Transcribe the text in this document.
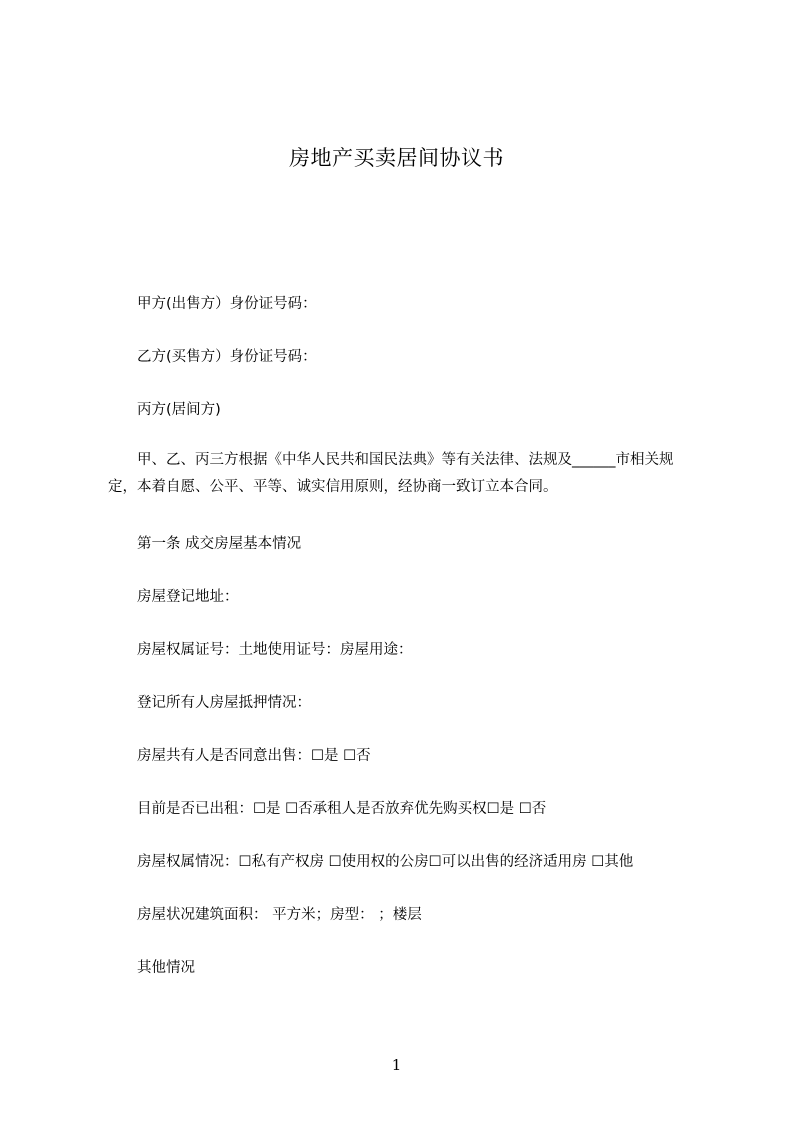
房地产买卖居间协议书
甲方(出售方）身份证号码：
乙方(买售方）身份证号码：
丙方(居间方)
甲、乙、丙三方根据《中华人民共和国民法典》等有关法律、法规及______市相关规定，本着自愿、公平、平等、诚实信用原则，经协商一致订立本合同。
第一条 成交房屋基本情况
房屋登记地址：
房屋权属证号：土地使用证号：房屋用途：
登记所有人房屋抵押情况：
房屋共有人是否同意出售：☐是 ☐否
目前是否已出租：☐是 ☐否承租人是否放弃优先购买权☐是 ☐否
房屋权属情况：☐私有产权房 ☐使用权的公房☐可以出售的经济适用房 ☐其他
房屋状况建筑面积： 平方米；房型： ；楼层
其他情况
1
